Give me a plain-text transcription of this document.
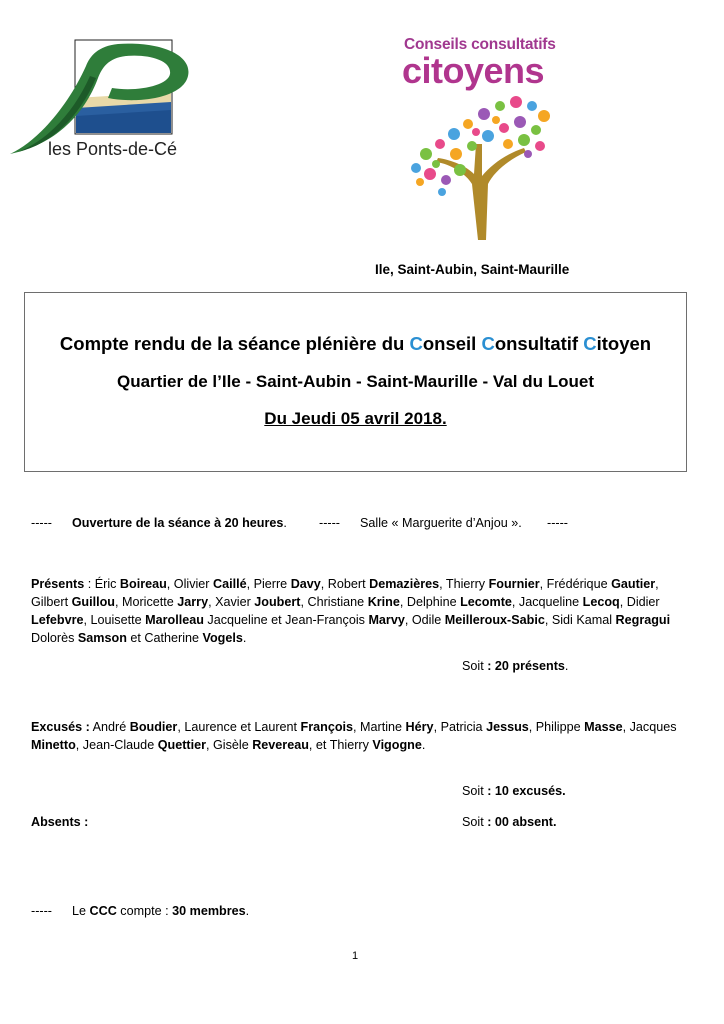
les Ponts-de-Cé
Conseils consultatifs
citoyens
Ile, Saint-Aubin, Saint-Maurille
Compte rendu de la séance plénière du Conseil Consultatif Citoyen
Quartier de l’Ile - Saint-Aubin - Saint-Maurille - Val du Louet
Du Jeudi 05 avril 2018.
----- Ouverture de la séance à 20 heures.	----- Salle « Marguerite d’Anjou ». -----
Présents : Éric Boireau, Olivier Caillé, Pierre Davy, Robert Demazières, Thierry Fournier, Frédérique Gautier, Gilbert Guillou, Moricette Jarry, Xavier Joubert, Christiane Krine, Delphine Lecomte, Jacqueline Lecoq, Didier Lefebvre, Louisette Marolleau Jacqueline et Jean-François Marvy, Odile Meilleroux-Sabic, Sidi Kamal Regragui Dolorès Samson et Catherine Vogels.
Soit : 20 présents.
Excusés : André Boudier, Laurence et Laurent François, Martine Héry, Patricia Jessus, Philippe Masse, Jacques Minetto, Jean-Claude Quettier, Gisèle Revereau, et Thierry Vigogne.
Soit : 10 excusés.
Absents :	Soit : 00 absent.
----- Le CCC compte : 30 membres.
1
